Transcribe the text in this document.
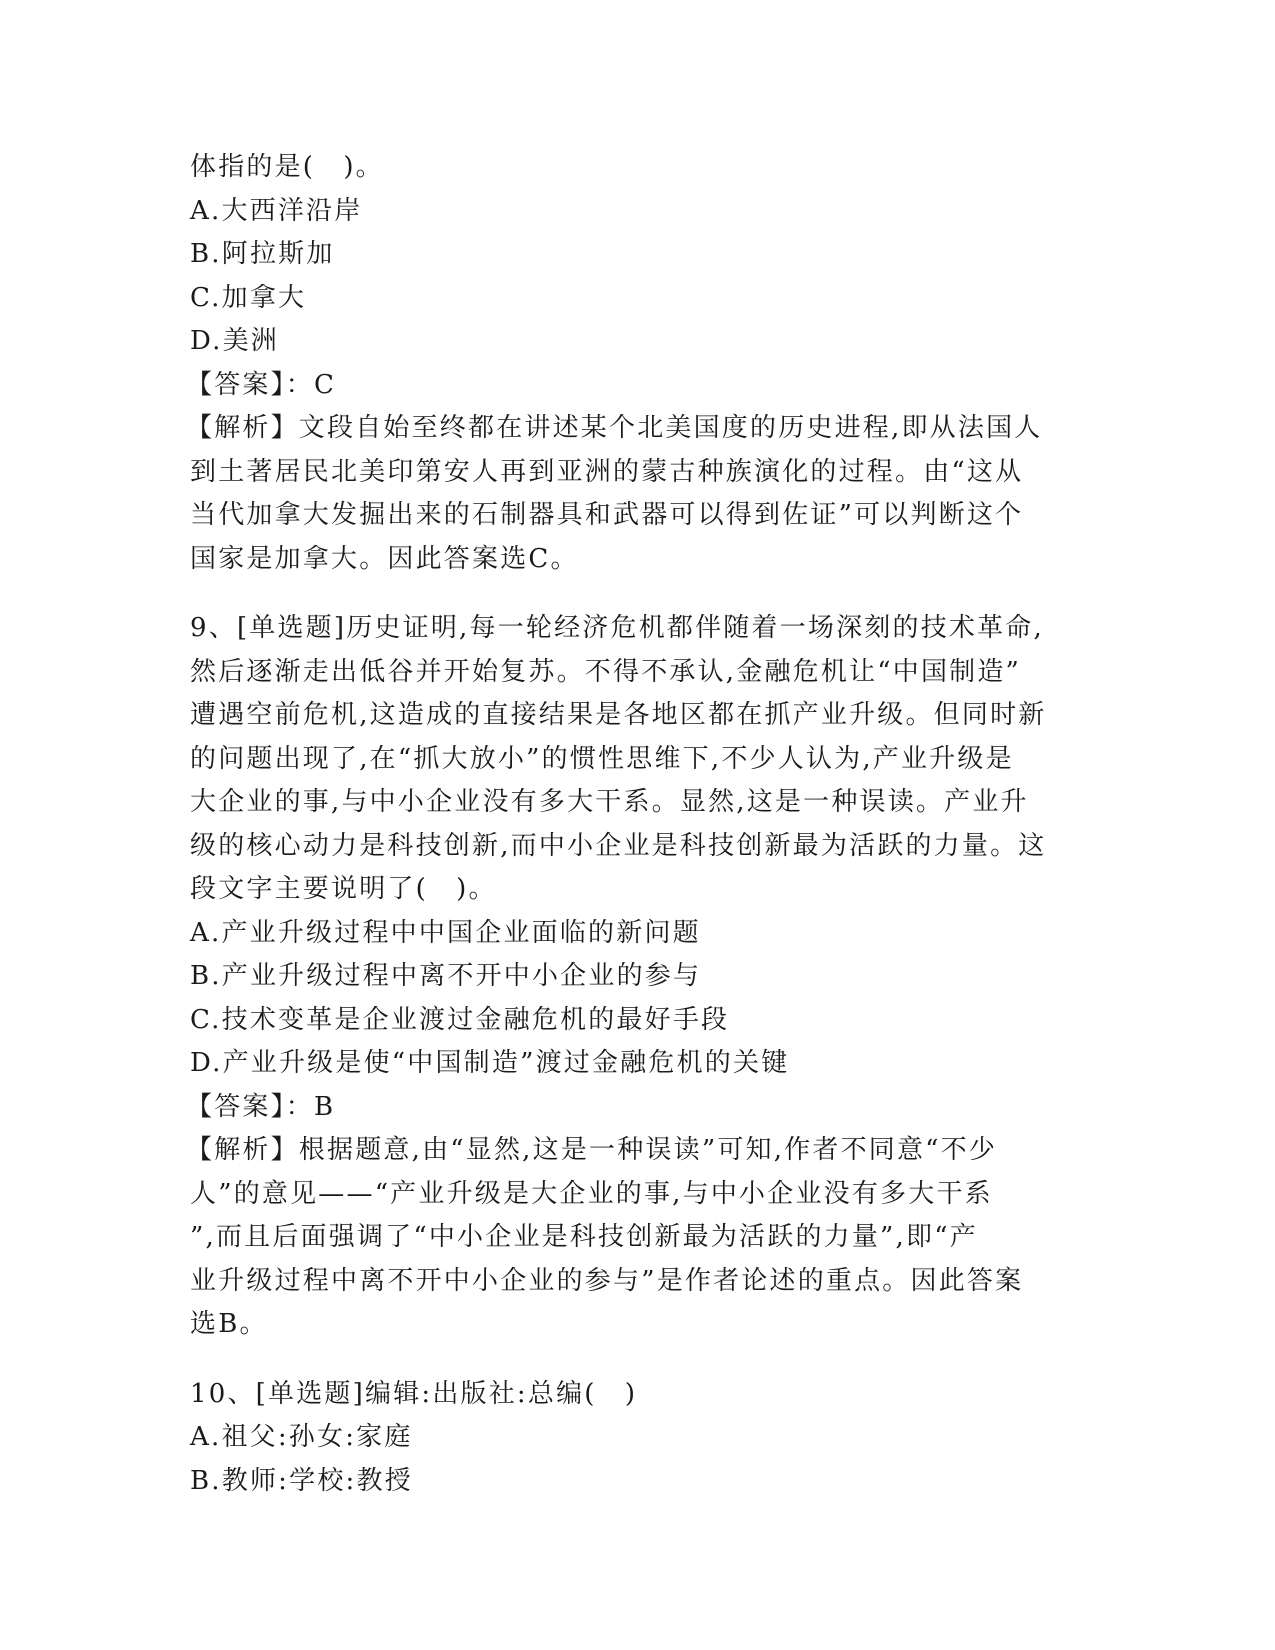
体指的是(　)。
A.大西洋沿岸
B.阿拉斯加
C.加拿大
D.美洲
【答案】：C
【解析】文段自始至终都在讲述某个北美国度的历史进程,即从法国人
到土著居民北美印第安人再到亚洲的蒙古种族演化的过程。由“这从
当代加拿大发掘出来的石制器具和武器可以得到佐证”可以判断这个
国家是加拿大。因此答案选C。
9、[单选题]历史证明,每一轮经济危机都伴随着一场深刻的技术革命,
然后逐渐走出低谷并开始复苏。不得不承认,金融危机让“中国制造”
遭遇空前危机,这造成的直接结果是各地区都在抓产业升级。但同时新
的问题出现了,在“抓大放小”的惯性思维下,不少人认为,产业升级是
大企业的事,与中小企业没有多大干系。显然,这是一种误读。产业升
级的核心动力是科技创新,而中小企业是科技创新最为活跃的力量。这
段文字主要说明了(　)。
A.产业升级过程中中国企业面临的新问题
B.产业升级过程中离不开中小企业的参与
C.技术变革是企业渡过金融危机的最好手段
D.产业升级是使“中国制造”渡过金融危机的关键
【答案】：B
【解析】根据题意,由“显然,这是一种误读”可知,作者不同意“不少
人”的意见——“产业升级是大企业的事,与中小企业没有多大干系
”,而且后面强调了“中小企业是科技创新最为活跃的力量”,即“产
业升级过程中离不开中小企业的参与”是作者论述的重点。因此答案
选B。
10、[单选题]编辑:出版社:总编(　)
A.祖父:孙女:家庭
B.教师:学校:教授
